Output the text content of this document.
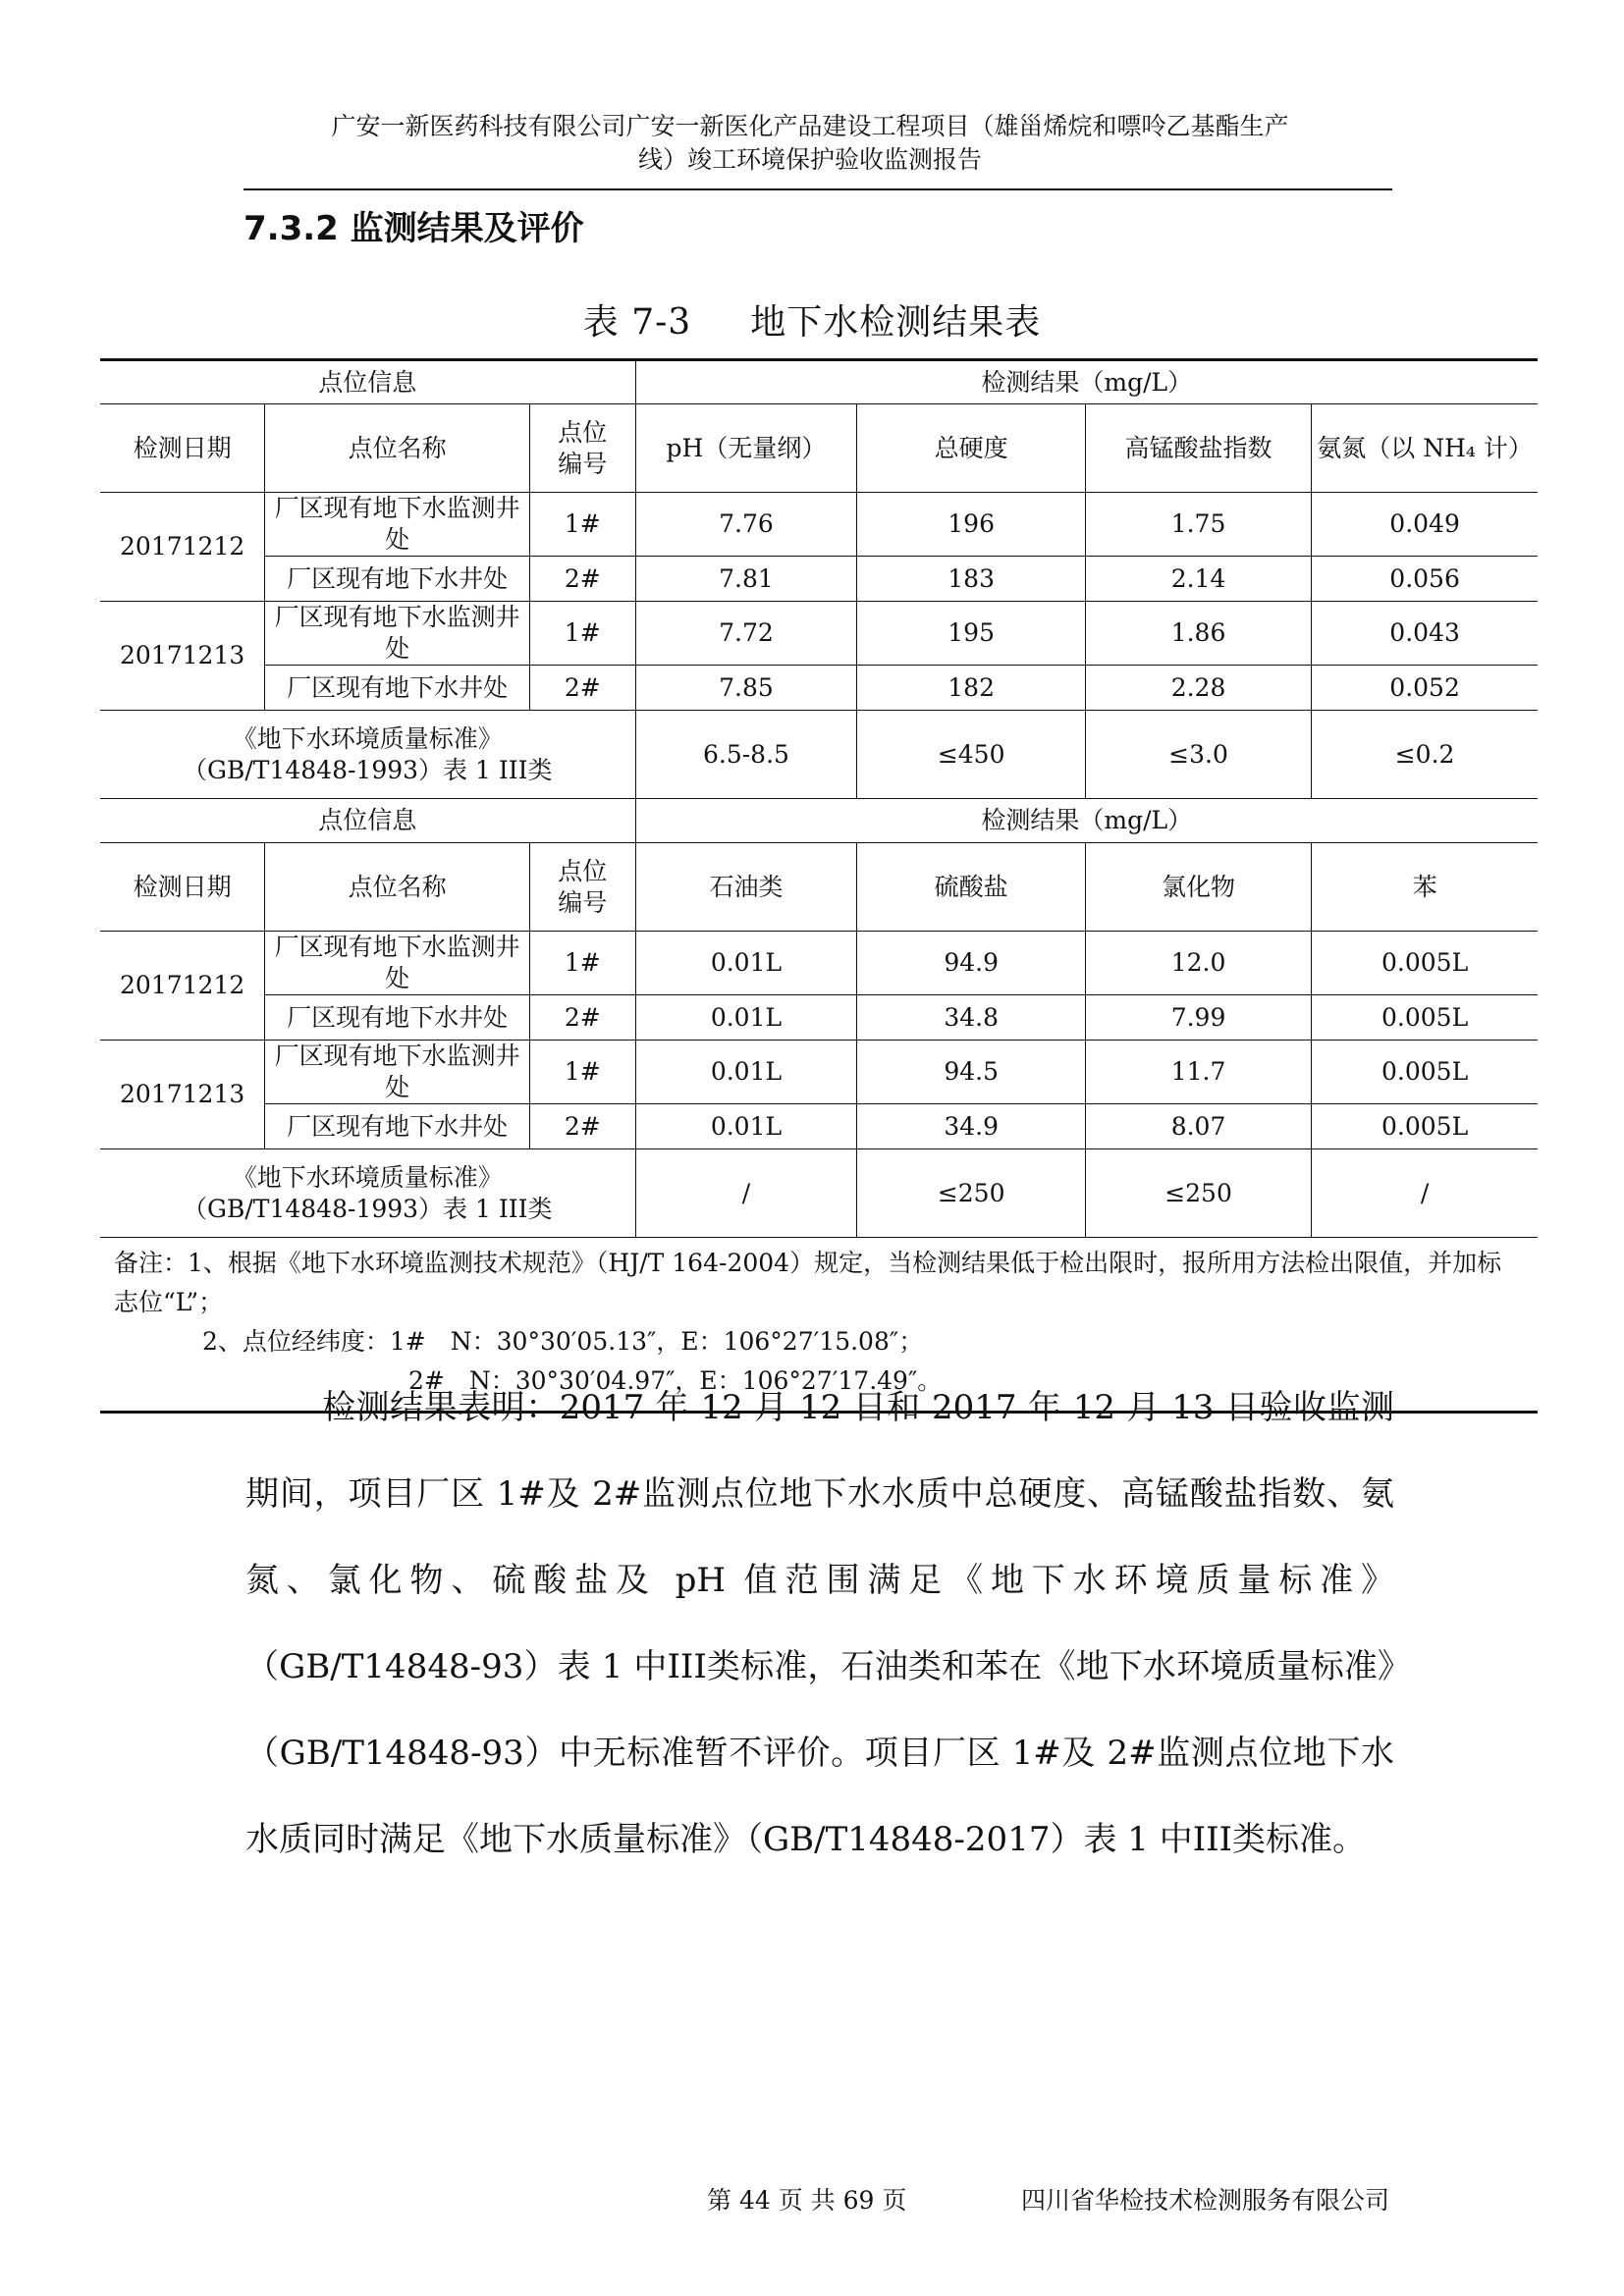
广安一新医药科技有限公司广安一新医化产品建设工程项目（雄甾烯烷和嘌呤乙基酯生产
线）竣工环境保护验收监测报告
7.3.2 监测结果及评价
表 7-3 地下水检测结果表
点位信息			检测结果（mg/L）			
检测日期	点位名称	点位编号	pH（无量纲）	总硬度	高锰酸盐指数	氨氮（以 NH₄ 计）
20171212	厂区现有地下水监测井处	1#	7.76	196	1.75	0.049
	厂区现有地下水井处	2#	7.81	183	2.14	0.056
20171213	厂区现有地下水监测井处	1#	7.72	195	1.86	0.043
	厂区现有地下水井处	2#	7.85	182	2.28	0.052
《地下水环境质量标准》（GB/T14848-1993）表 1 III类			6.5-8.5	≤450	≤3.0	≤0.2
点位信息			检测结果（mg/L）			
检测日期	点位名称	点位编号	石油类	硫酸盐	氯化物	苯
20171212	厂区现有地下水监测井处	1#	0.01L	94.9	12.0	0.005L
	厂区现有地下水井处	2#	0.01L	34.8	7.99	0.005L
20171213	厂区现有地下水监测井处	1#	0.01L	94.5	11.7	0.005L
	厂区现有地下水井处	2#	0.01L	34.9	8.07	0.005L
《地下水环境质量标准》（GB/T14848-1993）表 1 III类			/	≤250	≤250	/

备注：1、根据《地下水环境监测技术规范》（HJ/T 164-2004）规定，当检测结果低于检出限时，报所用方法检出限值，并加标志位“L”；
2、点位经纬度：1#　N：30°30′05.13″，E：106°27′15.08″；
2#　N：30°30′04.97″，E：106°27′17.49″。						
检测结果表明：2017 年 12 月 12 日和 2017 年 12 月 13 日验收监测期间，项目厂区 1#及 2#监测点位地下水水质中总硬度、高锰酸盐指数、氨氮、氯化物、硫酸盐及 pH 值范围满足《地下水环境质量标准》（GB/T14848-93）表 1 中III类标准，石油类和苯在《地下水环境质量标准》（GB/T14848-93）中无标准暂不评价。项目厂区 1#及 2#监测点位地下水水质同时满足《地下水质量标准》（GB/T14848-2017）表 1 中III类标准。
第 44 页 共 69 页	四川省华检技术检测服务有限公司
